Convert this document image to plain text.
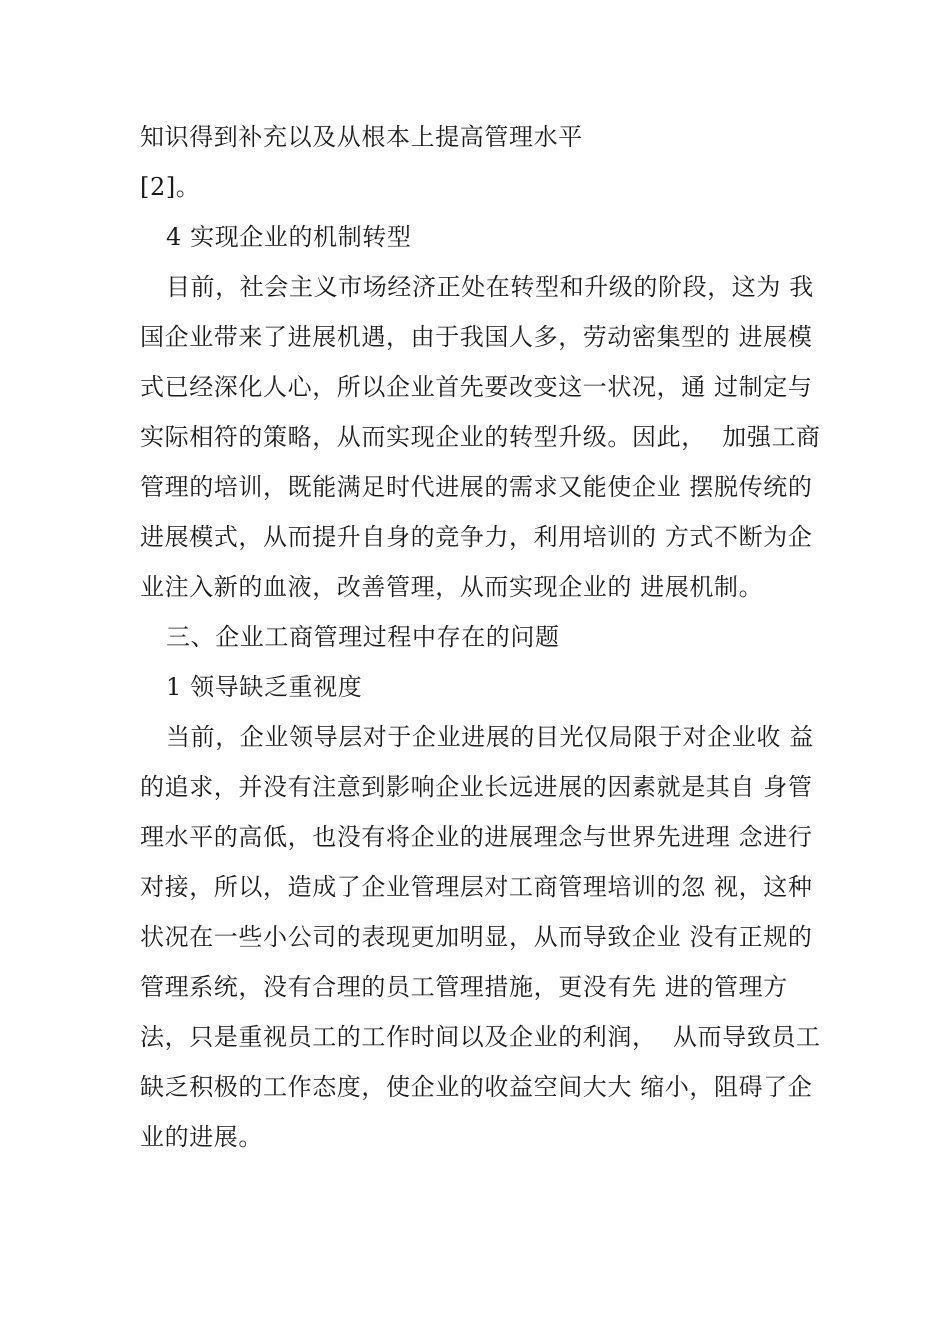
知识得到补充以及从根本上提高管理水平
[2]。
4 实现企业的机制转型
目前，社会主义市场经济正处在转型和升级的阶段，这为 我
国企业带来了进展机遇，由于我国人多，劳动密集型的 进展模
式已经深化人心，所以企业首先要改变这一状况，通 过制定与
实际相符的策略，从而实现企业的转型升级。因此，  加强工商
管理的培训，既能满足时代进展的需求又能使企业 摆脱传统的
进展模式，从而提升自身的竞争力，利用培训的 方式不断为企
业注入新的血液，改善管理，从而实现企业的 进展机制。
三、企业工商管理过程中存在的问题
1 领导缺乏重视度
当前，企业领导层对于企业进展的目光仅局限于对企业收 益
的追求，并没有注意到影响企业长远进展的因素就是其自 身管
理水平的高低，也没有将企业的进展理念与世界先进理 念进行
对接，所以，造成了企业管理层对工商管理培训的忽 视，这种
状况在一些小公司的表现更加明显，从而导致企业 没有正规的
管理系统，没有合理的员工管理措施，更没有先 进的管理方
法，只是重视员工的工作时间以及企业的利润，  从而导致员工
缺乏积极的工作态度，使企业的收益空间大大 缩小，阻碍了企
业的进展。
